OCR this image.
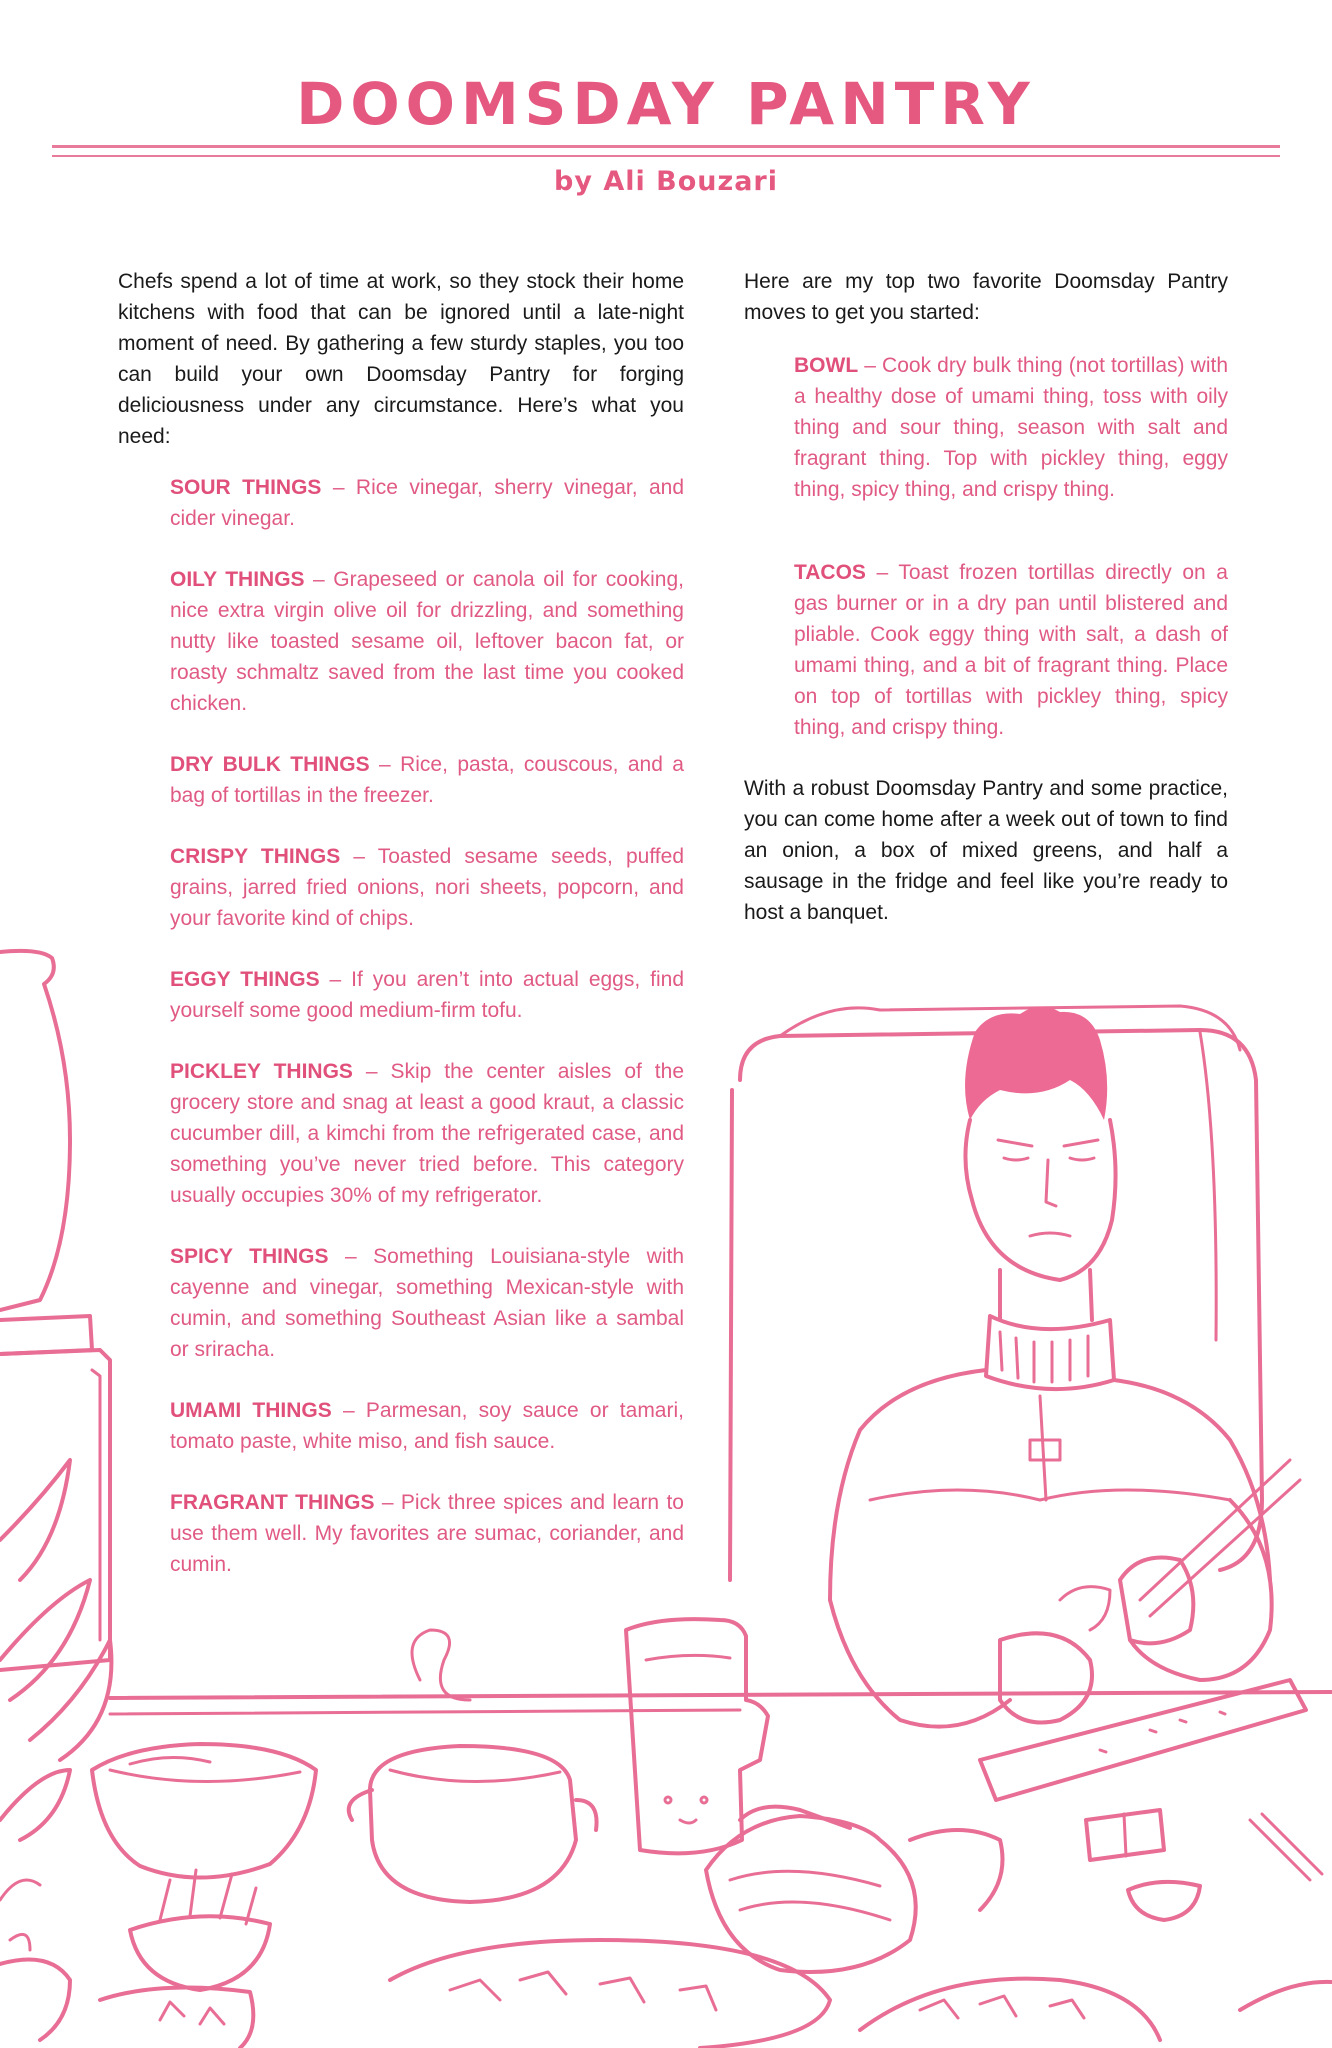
DOOMSDAY PANTRY
by Ali Bouzari

Chefs spend a lot of time at work, so they stock their home kitchens with food that can be ignored until a late-night moment of need. By gathering a few sturdy staples, you too can build your own Doomsday Pantry for forging deliciousness under any circumstance. Here’s what you need:

SOUR THINGS – Rice vinegar, sherry vinegar, and cider vinegar.

OILY THINGS – Grapeseed or canola oil for cooking, nice extra virgin olive oil for drizzling, and something nutty like toasted sesame oil, leftover bacon fat, or roasty schmaltz saved from the last time you cooked chicken.

DRY BULK THINGS – Rice, pasta, couscous, and a bag of tortillas in the freezer.

CRISPY THINGS – Toasted sesame seeds, puffed grains, jarred fried onions, nori sheets, popcorn, and your favorite kind of chips.

EGGY THINGS – If you aren’t into actual eggs, find yourself some good medium-firm tofu.

PICKLEY THINGS – Skip the center aisles of the grocery store and snag at least a good kraut, a classic cucumber dill, a kimchi from the refrigerated case, and something you’ve never tried before. This category usually occupies 30% of my refrigerator.

SPICY THINGS – Something Louisiana-style with cayenne and vinegar, something Mexican-style with cumin, and something Southeast Asian like a sambal or sriracha.

UMAMI THINGS – Parmesan, soy sauce or tamari, tomato paste, white miso, and fish sauce.

FRAGRANT THINGS – Pick three spices and learn to use them well. My favorites are sumac, coriander, and cumin.

Here are my top two favorite Doomsday Pantry moves to get you started:

BOWL – Cook dry bulk thing (not tortillas) with a healthy dose of umami thing, toss with oily thing and sour thing, season with salt and fragrant thing. Top with pickley thing, eggy thing, spicy thing, and crispy thing.

TACOS – Toast frozen tortillas directly on a gas burner or in a dry pan until blistered and pliable. Cook eggy thing with salt, a dash of umami thing, and a bit of fragrant thing. Place on top of tortillas with pickley thing, spicy thing, and crispy thing.

With a robust Doomsday Pantry and some practice, you can come home after a week out of town to find an onion, a box of mixed greens, and half a sausage in the fridge and feel like you’re ready to host a banquet.
